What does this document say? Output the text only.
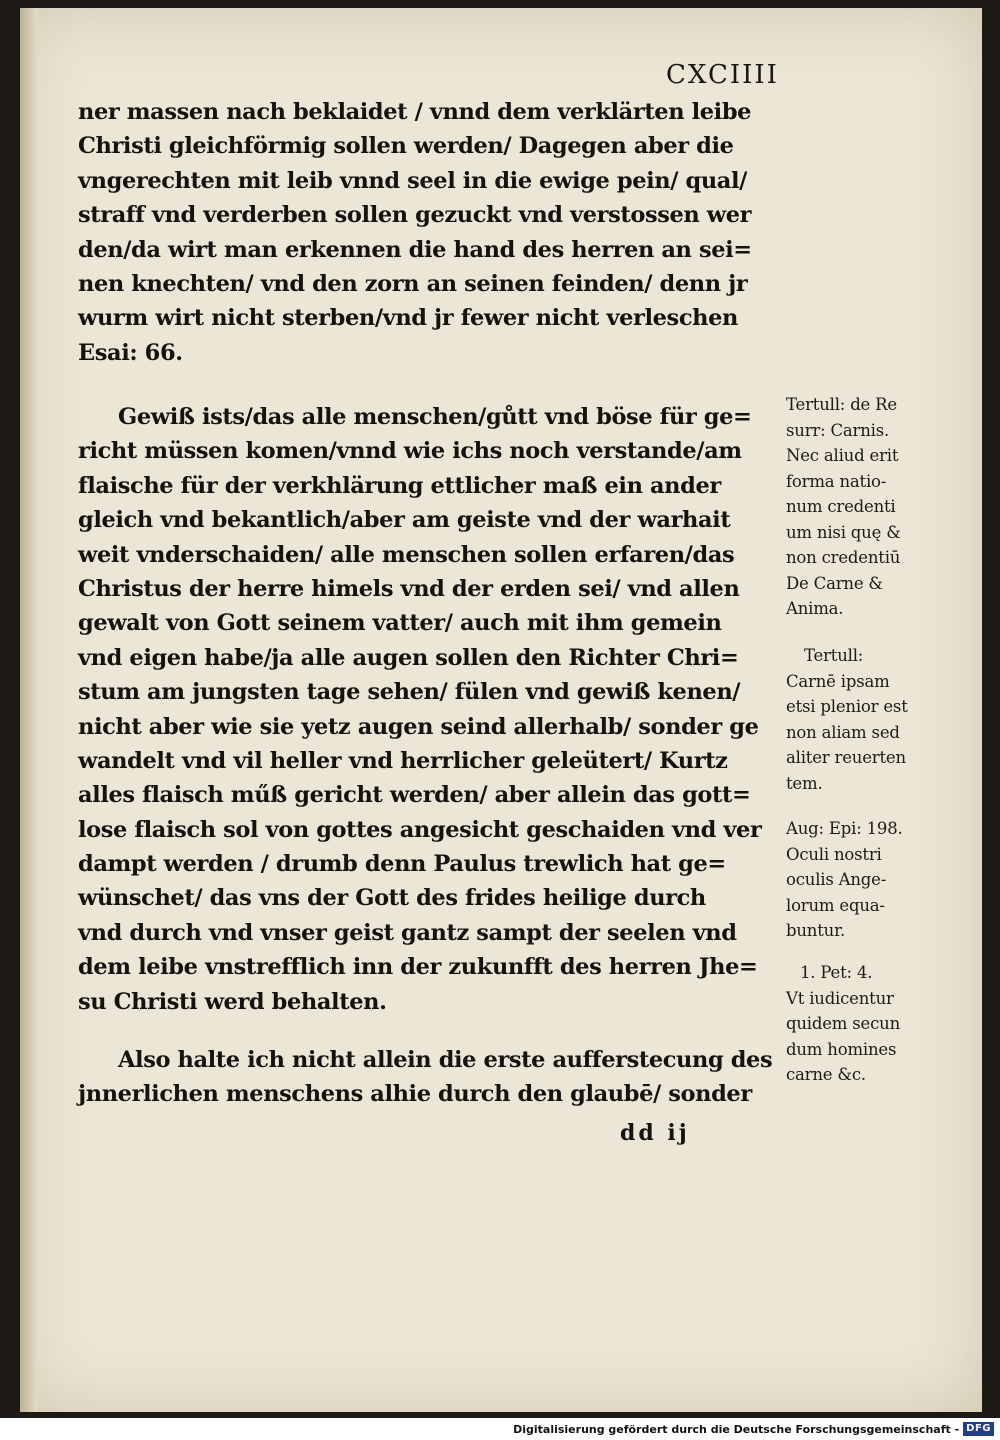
CXCIIII
ner massen nach beklaidet / vnnd dem verklärten leibe
Christi gleichförmig sollen werden/ Dagegen aber die
vngerechten mit leib vnnd seel in die ewige pein/ qual/
straff vnd verderben sollen gezuckt vnd verstossen wer
den/da wirt man erkennen die hand des herren an sei=
nen knechten/ vnd den zorn an seinen feinden/ denn jr
wurm wirt nicht sterben/vnd jr fewer nicht verleschen
Esai: 66.
Gewiß ists/das alle menschen/gůtt vnd böse für ge=
richt müssen komen/vnnd wie ichs noch verstande/am
flaische für der verkhlärung ettlicher maß ein ander
gleich vnd bekantlich/aber am geiste vnd der warhait
weit vnderschaiden/ alle menschen sollen erfaren/das
Christus der herre himels vnd der erden sei/ vnd allen
gewalt von Gott seinem vatter/ auch mit ihm gemein
vnd eigen habe/ja alle augen sollen den Richter Chri=
stum am jungsten tage sehen/ fülen vnd gewiß kenen/
nicht aber wie sie yetz augen seind allerhalb/ sonder ge
wandelt vnd vil heller vnd herrlicher geleütert/ Kurtz
alles flaisch műß gericht werden/ aber allein das gott=
lose flaisch sol von gottes angesicht geschaiden vnd ver
dampt werden / drumb denn Paulus trewlich hat ge=
wünschet/ das vns der Gott des frides heilige durch
vnd durch vnd vnser geist gantz sampt der seelen vnd
dem leibe vnstrefflich inn der zukunfft des herren Jhe=
su Christi werd behalten.
Also halte ich nicht allein die erste aufferstecung des
jnnerlichen menschens alhie durch den glaubē/ sonder
Tertull: de Re
surr: Carnis.
Nec aliud erit
forma natio-
num credenti
um nisi quę &
non credentiū
De Carne &
Anima.
Tertull:
Carnē ipsam
etsi plenior est
non aliam sed
aliter reuerten
tem.
Aug: Epi: 198.
Oculi nostri
oculis Ange-
lorum equa-
buntur.
1. Pet: 4.
Vt iudicentur
quidem secun
dum homines
carne &c.
dd ij
Digitalisierung gefördert durch die Deutsche Forschungsgemeinschaft - DFG
